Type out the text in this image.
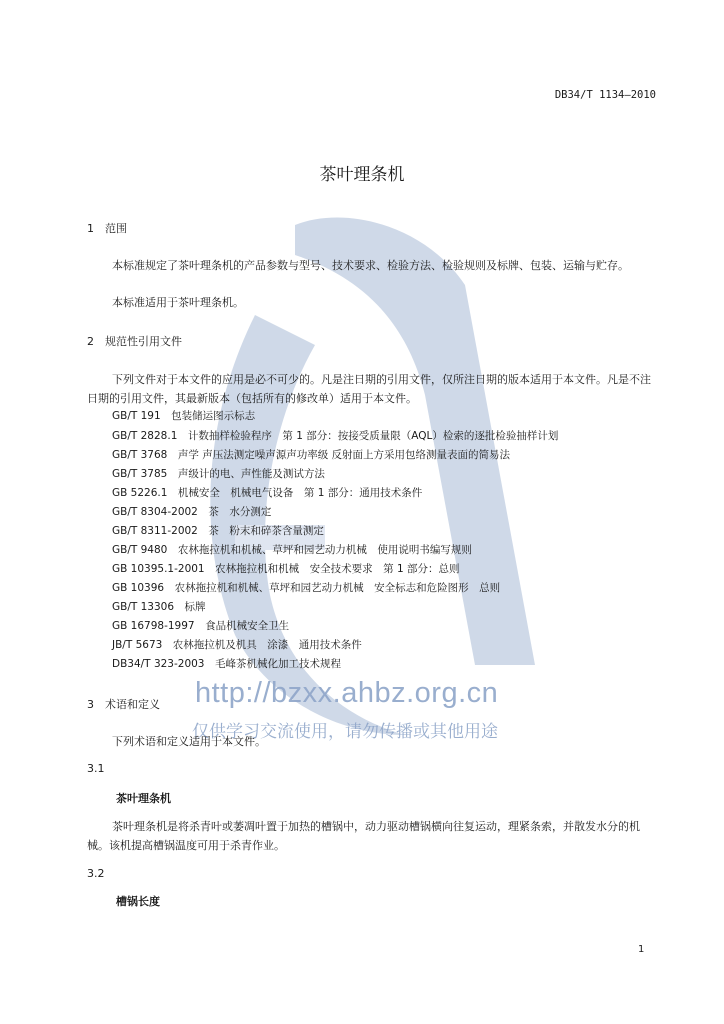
DB34/T 1134—2010
茶叶理条机
1 范围
本标准规定了茶叶理条机的产品参数与型号、技术要求、检验方法、检验规则及标牌、包装、运输与贮存。
本标准适用于茶叶理条机。
2 规范性引用文件
下列文件对于本文件的应用是必不可少的。凡是注日期的引用文件，仅所注日期的版本适用于本文件。凡是不注日期的引用文件，其最新版本（包括所有的修改单）适用于本文件。
GB/T 191　包装储运图示标志
GB/T 2828.1　计数抽样检验程序　第 1 部分：按接受质量限（AQL）检索的逐批检验抽样计划
GB/T 3768　声学 声压法测定噪声源声功率级 反射面上方采用包络测量表面的简易法
GB/T 3785　声级计的电、声性能及测试方法
GB 5226.1　机械安全　机械电气设备　第 1 部分：通用技术条件
GB/T 8304-2002　茶　水分测定
GB/T 8311-2002　茶　粉末和碎茶含量测定
GB/T 9480　农林拖拉机和机械、草坪和园艺动力机械　使用说明书编写规则
GB 10395.1-2001　农林拖拉机和机械　安全技术要求　第 1 部分：总则
GB 10396　农林拖拉机和机械、草坪和园艺动力机械　安全标志和危险图形　总则
GB/T 13306　标牌
GB 16798-1997　食品机械安全卫生
JB/T 5673　农林拖拉机及机具　涂漆　通用技术条件
DB34/T 323-2003　毛峰茶机械化加工技术规程
http://bzxx.ahbz.org.cn
仅供学习交流使用，请勿传播或其他用途
3 术语和定义
下列术语和定义适用于本文件。
3.1
茶叶理条机
茶叶理条机是将杀青叶或萎凋叶置于加热的槽锅中，动力驱动槽锅横向往复运动，理紧条索，并散发水分的机械。该机提高槽锅温度可用于杀青作业。
3.2
槽锅长度
1
